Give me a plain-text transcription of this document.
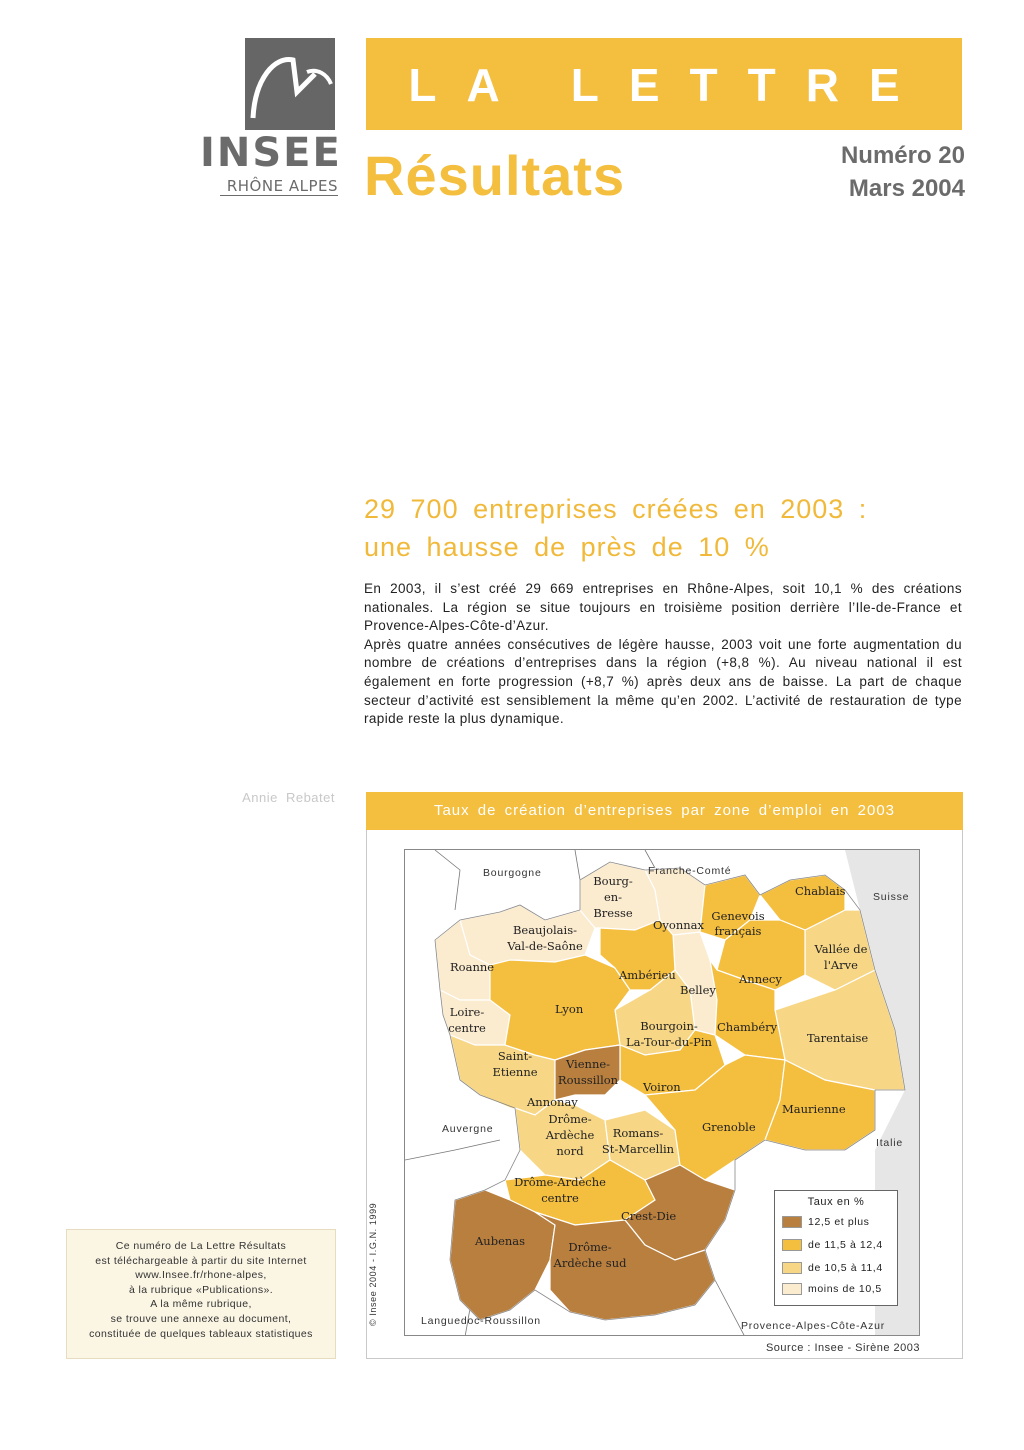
INSEE
RHÔNE ALPES
LA LETTRE
Résultats	Numéro 20
Mars 2004
29 700 entreprises créées en 2003 :
une hausse de près de 10 %

En 2003, il s’est créé 29 669 entreprises en Rhône-Alpes, soit 10,1 % des créations nationales. La région se situe toujours en troisième position derrière l’Ile-de-France et Provence-Alpes-Côte-d’Azur.

Après quatre années consécutives de légère hausse, 2003 voit une forte augmentation du nombre de créations d’entreprises dans la région (+8,8 %). Au niveau national il est également en forte progression (+8,7 %) après deux ans de baisse. La part de chaque secteur d’activité est sensiblement la même qu’en 2002. L’activité de restauration de type rapide reste la plus dynamique.

Annie Rebatet
Taux de création d’entreprises par zone d’emploi en 2003
Bourgogne	Franche-Comté
Suisse
Italie
Auvergne
Languedoc-Roussillon	Provence-Alpes-Côte-Azur
Bourg-en-Bresse
Oyonnax
Genevois français
Chablais
Beaujolais-Val-de-Saône
Roanne
Ambérieu
Vallée de l'Arve
Annecy
Belley
Lyon
Loire-centre	Bourgoin-La-Tour-du-Pin
Chambéry
Tarentaise
Saint-Etienne
Vienne-Roussillon Voiron
Annonay	Maurienne
Drôme-Ardèche nord
Romans-St-Marcellin
Grenoble
Drôme-Ardèche centre
Crest-Die
Aubenas	Drôme-Ardèche sud
© Insee 2004 - I.G.N. 1999
Taux en %
12,5 et plus
de 11,5 à 12,4
de 10,5 à 11,4
moins de 10,5
Source : Insee - Sirène 2003
Ce numéro de La Lettre Résultats
est téléchargeable à partir du site Internet
www.Insee.fr/rhone-alpes,
à la rubrique «Publications».
A la même rubrique,
se trouve une annexe au document,
constituée de quelques tableaux statistiques
